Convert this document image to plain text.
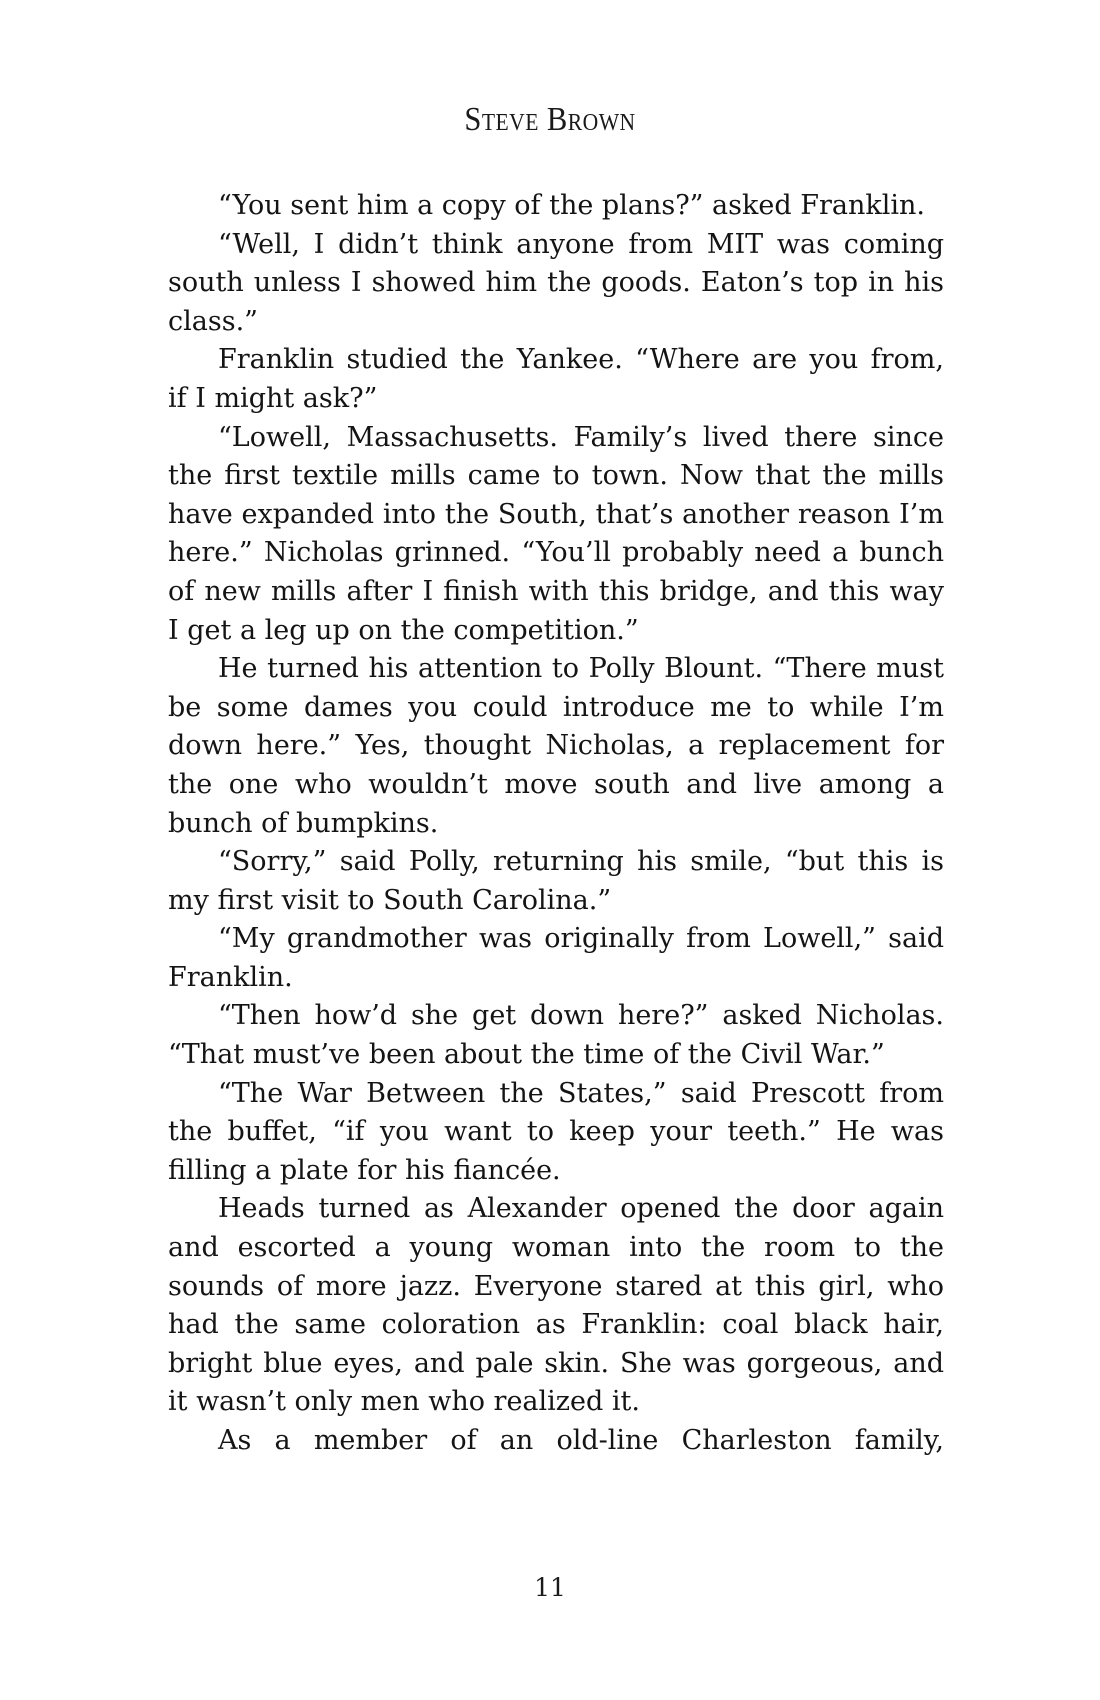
Steve Brown

“You sent him a copy of the plans?” asked Franklin.

“Well, I didn’t think anyone from MIT was coming south unless I showed him the goods. Eaton’s top in his class.”

Franklin studied the Yankee. “Where are you from, if I might ask?”

“Lowell, Massachusetts. Family’s lived there since the first textile mills came to town. Now that the mills have expanded into the South, that’s another reason I’m here.” Nicholas grinned. “You’ll probably need a bunch of new mills after I finish with this bridge, and this way I get a leg up on the competition.”

He turned his attention to Polly Blount. “There must be some dames you could introduce me to while I’m down here.” Yes, thought Nicholas, a replacement for the one who wouldn’t move south and live among a bunch of bumpkins.

“Sorry,” said Polly, returning his smile, “but this is my first visit to South Carolina.”

“My grandmother was originally from Lowell,” said Franklin.

“Then how’d she get down here?” asked Nicholas. “That must’ve been about the time of the Civil War.”

“The War Between the States,” said Prescott from the buffet, “if you want to keep your teeth.” He was filling a plate for his fiancée.

Heads turned as Alexander opened the door again and escorted a young woman into the room to the sounds of more jazz. Everyone stared at this girl, who had the same coloration as Franklin: coal black hair, bright blue eyes, and pale skin. She was gorgeous, and it wasn’t only men who realized it.

As a member of an old-line Charleston family,

11
